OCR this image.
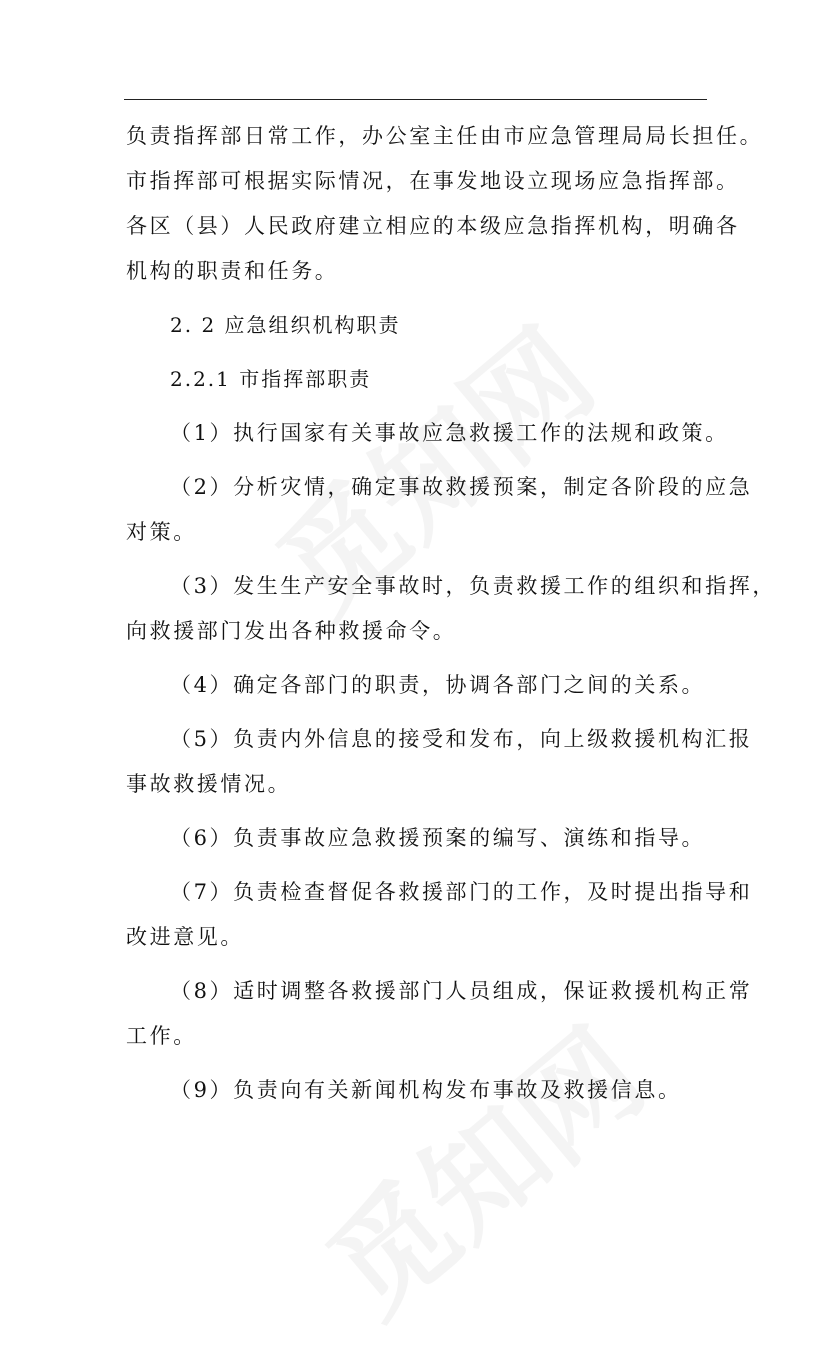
负责指挥部日常工作，办公室主任由市应急管理局局长担任。
市指挥部可根据实际情况，在事发地设立现场应急指挥部。
各区（县）人民政府建立相应的本级应急指挥机构，明确各
机构的职责和任务。
2. 2 应急组织机构职责
2.2.1 市指挥部职责
（1）执行国家有关事故应急救援工作的法规和政策。
（2）分析灾情，确定事故救援预案，制定各阶段的应急
对策。
（3）发生生产安全事故时，负责救援工作的组织和指挥，
向救援部门发出各种救援命令。
（4）确定各部门的职责，协调各部门之间的关系。
（5）负责内外信息的接受和发布，向上级救援机构汇报
事故救援情况。
（6）负责事故应急救援预案的编写、演练和指导。
（7）负责检查督促各救援部门的工作，及时提出指导和
改进意见。
（8）适时调整各救援部门人员组成，保证救援机构正常
工作。
（9）负责向有关新闻机构发布事故及救援信息。
